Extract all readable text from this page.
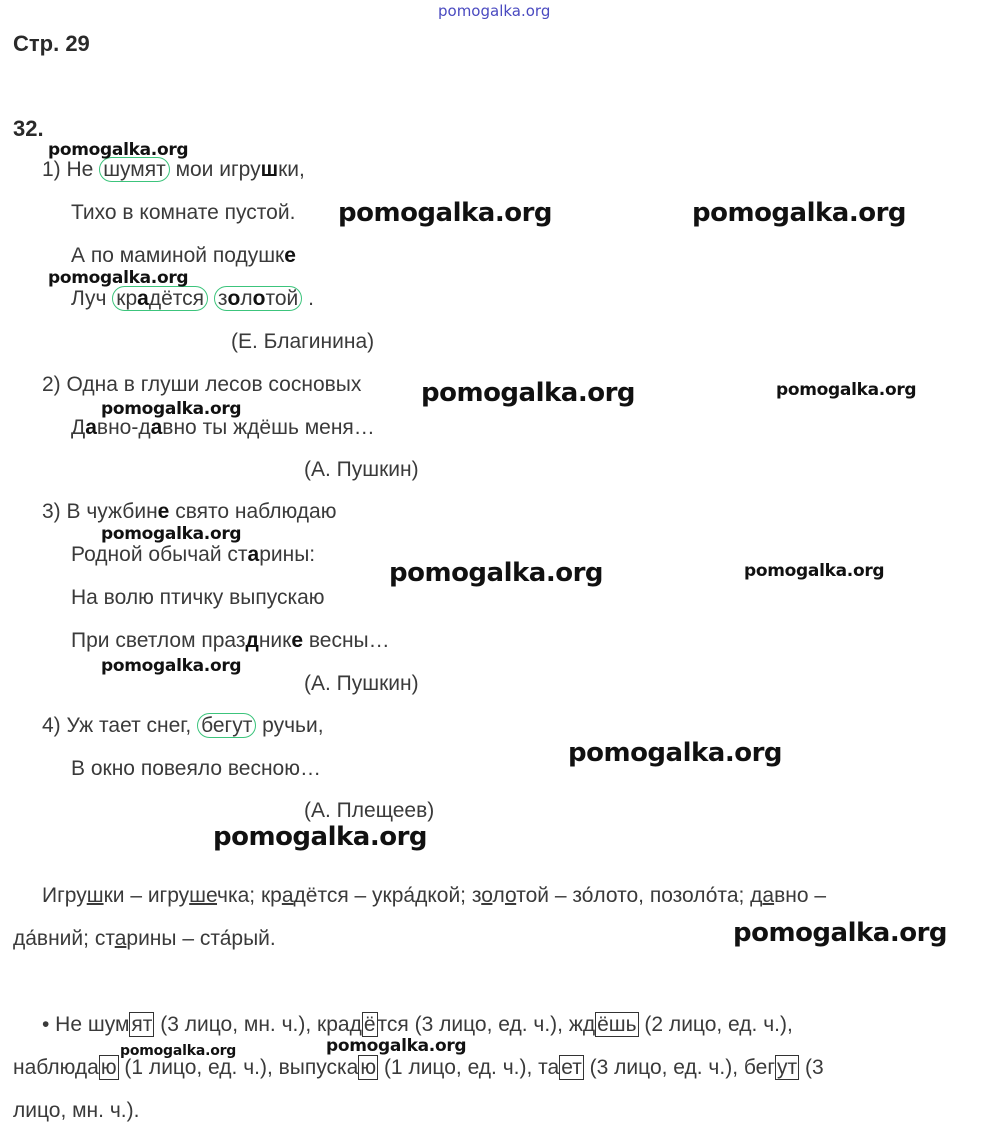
pomogalka.org
Стр. 29
32.
1) Не шумят мои игрушки,
Тихо в комнате пустой.
А по маминой подушке
Луч крадётся золотой .
(Е. Благинина)
2) Одна в глуши лесов сосновых
Давно-давно ты ждёшь меня…
(А. Пушкин)
3) В чужбине свято наблюдаю
Родной обычай старины:
На волю птичку выпускаю
При светлом празднике весны…
(А. Пушкин)
4) Уж тает снег, бегут ручьи,
В окно повеяло весною…
(А. Плещеев)
Игрушки – игрушечка; крадётся – укра́дкой; золотой – зо́лото, позоло́та; давно –
да́вний; старины – ста́рый.
• Не шумят (3 лицо, мн. ч.), крадётся (3 лицо, ед. ч.), ждёшь (2 лицо, ед. ч.),
наблюдаю (1 лицо, ед. ч.), выпускаю (1 лицо, ед. ч.), тает (3 лицо, ед. ч.), бегут (3
лицо, мн. ч.).
pomogalka.org
pomogalka.org	pomogalka.org
pomogalka.org
pomogalka.org	pomogalka.org
pomogalka.org
pomogalka.org
pomogalka.org	pomogalka.org
pomogalka.org
pomogalka.org
pomogalka.org
pomogalka.org
pomogalka.org	pomogalka.org
